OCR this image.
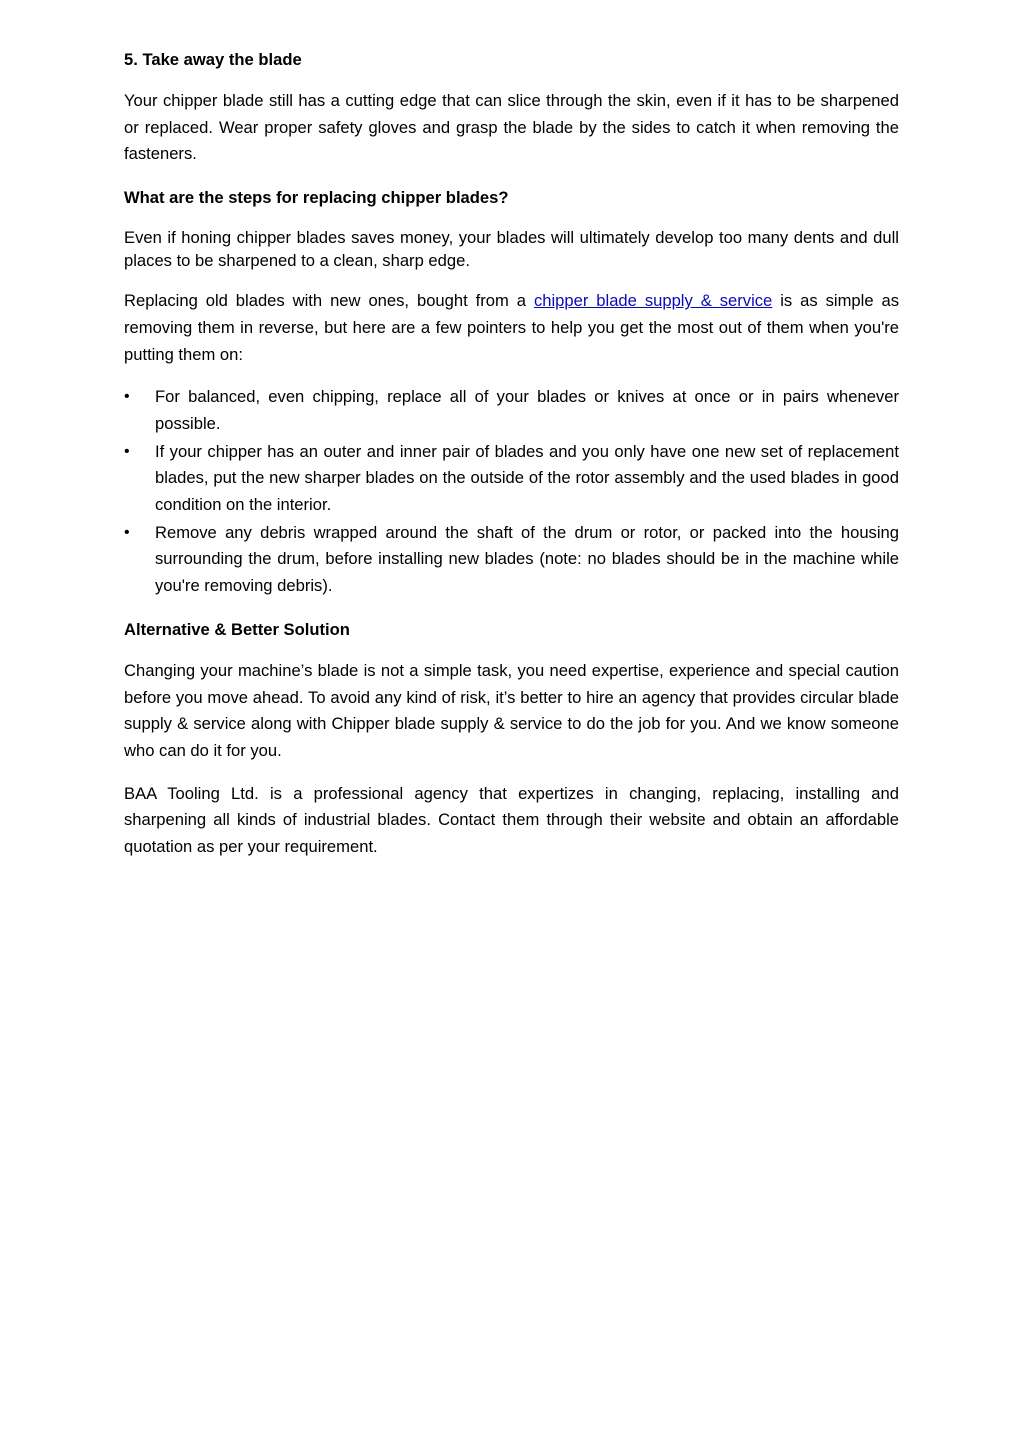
5. Take away the blade

Your chipper blade still has a cutting edge that can slice through the skin, even if it has to be sharpened or replaced. Wear proper safety gloves and grasp the blade by the sides to catch it when removing the fasteners.

What are the steps for replacing chipper blades?

Even if honing chipper blades saves money, your blades will ultimately develop too many dents and dull places to be sharpened to a clean, sharp edge.

Replacing old blades with new ones, bought from a chipper blade supply & service is as simple as removing them in reverse, but here are a few pointers to help you get the most out of them when you're putting them on:

• For balanced, even chipping, replace all of your blades or knives at once or in pairs whenever possible.
• If your chipper has an outer and inner pair of blades and you only have one new set of replacement blades, put the new sharper blades on the outside of the rotor assembly and the used blades in good condition on the interior.
• Remove any debris wrapped around the shaft of the drum or rotor, or packed into the housing surrounding the drum, before installing new blades (note: no blades should be in the machine while you're removing debris).
Alternative & Better Solution

Changing your machine’s blade is not a simple task, you need expertise, experience and special caution before you move ahead. To avoid any kind of risk, it’s better to hire an agency that provides circular blade supply & service along with Chipper blade supply & service to do the job for you. And we know someone who can do it for you.

BAA Tooling Ltd. is a professional agency that expertizes in changing, replacing, installing and sharpening all kinds of industrial blades. Contact them through their website and obtain an affordable quotation as per your requirement.
